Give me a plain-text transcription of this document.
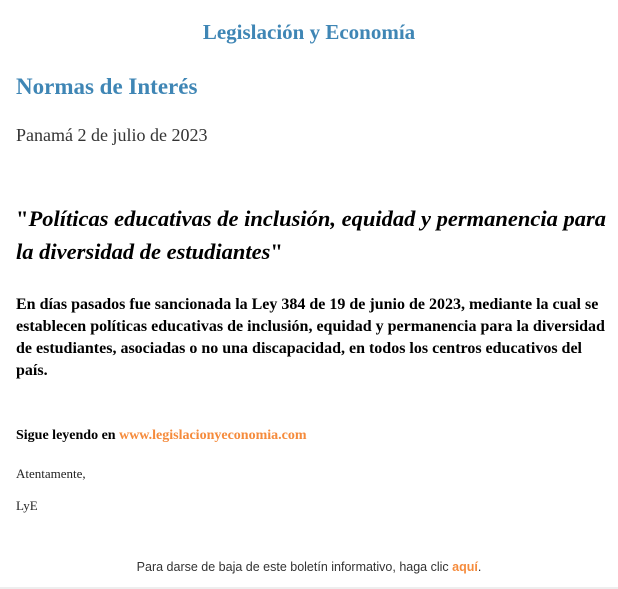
Legislación y Economía
Normas de Interés
Panamá 2 de julio de 2023
"Políticas educativas de inclusión, equidad y permanencia para la diversidad de estudiantes"
En días pasados fue sancionada la Ley 384 de 19 de junio de 2023, mediante la cual se establecen políticas educativas de inclusión, equidad y permanencia para la diversidad de estudiantes, asociadas o no una discapacidad, en todos los centros educativos del país.
Sigue leyendo en www.legislacionyeconomia.com
Atentamente,
LyE
Para darse de baja de este boletín informativo, haga clic aquí.
